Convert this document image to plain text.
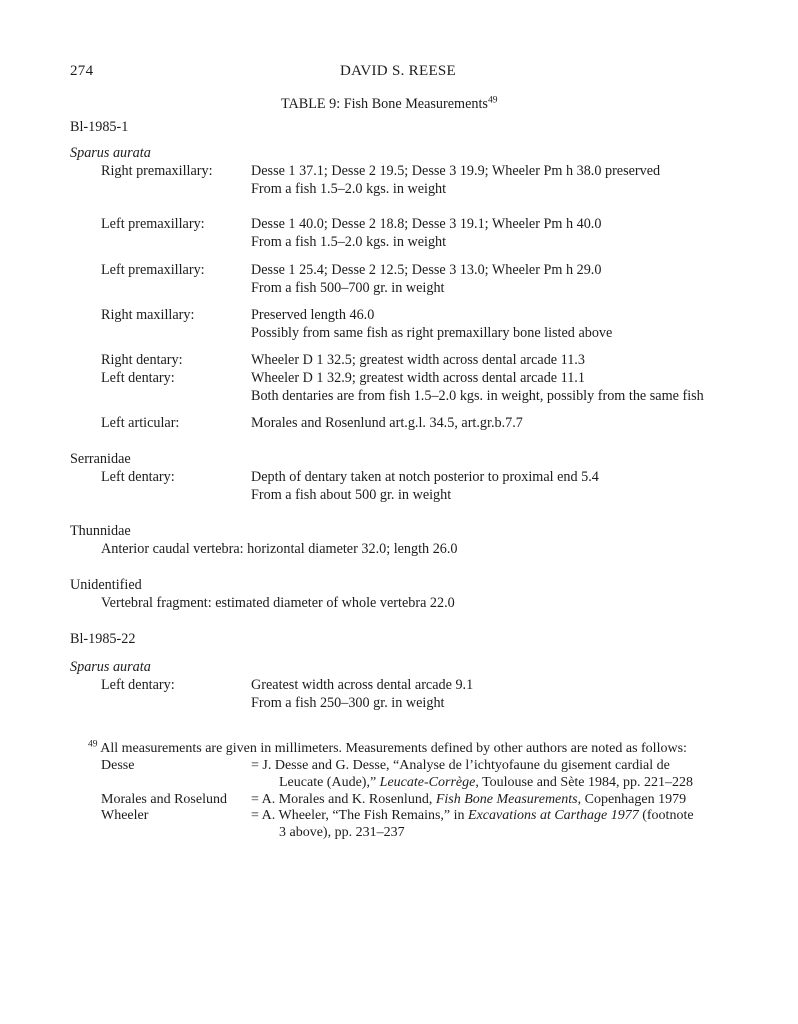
274	DAVID S. REESE
TABLE 9: Fish Bone Measurements$^{49}$
Bl-1985-1
Sparus aurata
Right premaxillary:	Desse 1 37.1; Desse 2 19.5; Desse 3 19.9; Wheeler Pm h 38.0 preserved
From a fish 1.5–2.0 kgs. in weight
Left premaxillary:	Desse 1 40.0; Desse 2 18.8; Desse 3 19.1; Wheeler Pm h 40.0
From a fish 1.5–2.0 kgs. in weight
Left premaxillary:	Desse 1 25.4; Desse 2 12.5; Desse 3 13.0; Wheeler Pm h 29.0
From a fish 500–700 gr. in weight
Right maxillary:	Preserved length 46.0
Possibly from same fish as right premaxillary bone listed above
Right dentary:	Wheeler D 1 32.5; greatest width across dental arcade 11.3
Left dentary:	Wheeler D 1 32.9; greatest width across dental arcade 11.1
Both dentaries are from fish 1.5–2.0 kgs. in weight, possibly from the same fish
Left articular:	Morales and Rosenlund art.g.l. 34.5, art.gr.b.7.7
Serranidae
Left dentary:	Depth of dentary taken at notch posterior to proximal end 5.4
From a fish about 500 gr. in weight
Thunnidae
Anterior caudal vertebra: horizontal diameter 32.0; length 26.0
Unidentified
Vertebral fragment: estimated diameter of whole vertebra 22.0
Bl-1985-22
Sparus aurata
Left dentary:	Greatest width across dental arcade 9.1
From a fish 250–300 gr. in weight
$^{49}$ All measurements are given in millimeters. Measurements defined by other authors are noted as follows:
Desse	= J. Desse and G. Desse, “Analyse de l’ichtyofaune du gisement cardial de
Leucate (Aude),” Leucate-Corrège, Toulouse and Sète 1984, pp. 221–228
Morales and Roselund = A. Morales and K. Rosenlund, Fish Bone Measurements, Copenhagen 1979
Wheeler	= A. Wheeler, “The Fish Remains,” in Excavations at Carthage 1977 (footnote
3 above), pp. 231–237
